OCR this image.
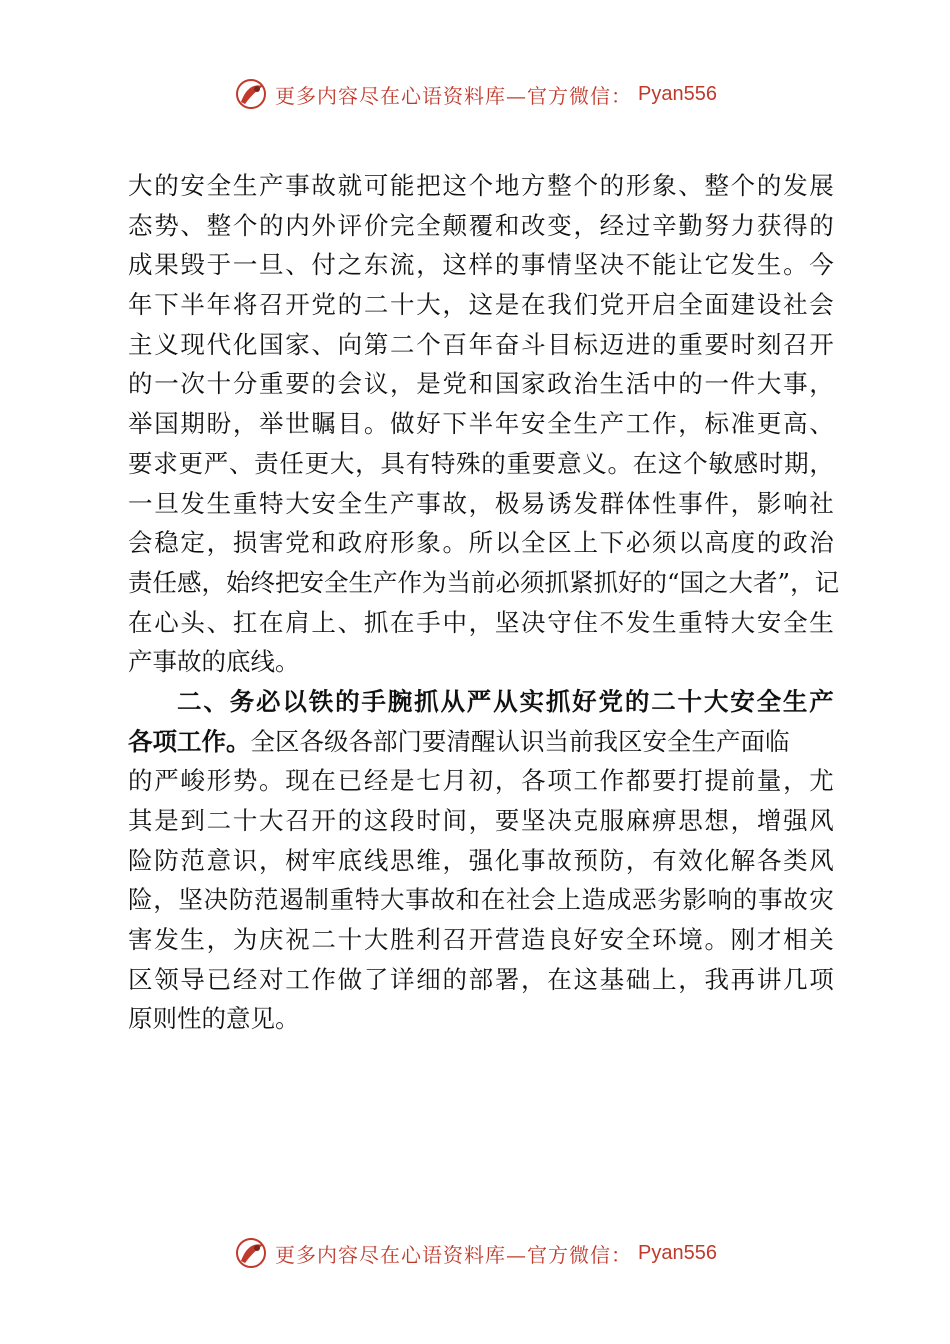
更多内容尽在心语资料库—官方微信： Pyan556
大 的 安 全 生 产 事 故 就 可 能 把 这 个 地 方 整 个 的 形 象 、 整 个 的 发 展
态 势 、 整 个 的 内 外 评 价 完 全 颠 覆 和 改 变 ， 经 过 辛 勤 努 力 获 得 的
成 果 毁 于 一 旦 、 付 之 东 流 ， 这 样 的 事 情 坚 决 不 能 让 它 发 生 。 今
年 下 半 年 将 召 开 党 的 二 十 大 ， 这 是 在 我 们 党 开 启 全 面 建 设 社 会
主 义 现 代 化 国 家 、 向 第 二 个 百 年 奋 斗 目 标 迈 进 的 重 要 时 刻 召 开
的 一 次 十 分 重 要 的 会 议 ， 是 党 和 国 家 政 治 生 活 中 的 一 件 大 事 ，
举 国 期 盼 ， 举 世 瞩 目 。 做 好 下 半 年 安 全 生 产 工 作 ， 标 准 更 高 、
要 求 更 严 、 责 任 更 大 ， 具 有 特 殊 的 重 要 意 义 。 在 这 个 敏 感 时 期 ，
一 旦 发 生 重 特 大 安 全 生 产 事 故 ， 极 易 诱 发 群 体 性 事 件 ， 影 响 社
会 稳 定 ， 损 害 党 和 政 府 形 象 。 所 以 全 区 上 下 必 须 以 高 度 的 政 治
责 任 感 ， 始 终 把 安 全 生 产 作 为 当 前 必 须 抓 紧 抓 好 的 “ 国 之 大 者 ” ， 记
在 心 头 、 扛 在 肩 上 、 抓 在 手 中 ， 坚 决 守 住 不 发 生 重 特 大 安 全 生
产事故的底线。
二 、 务 必 以 铁 的 手 腕 抓 从 严 从 实 抓 好 党 的 二 十 大 安 全 生 产
各项工作。 全区各级各部门要清醒认识当前我区安全生产面临
的 严 峻 形 势 。 现 在 已 经 是 七 月 初 ， 各 项 工 作 都 要 打 提 前 量 ， 尤
其 是 到 二 十 大 召 开 的 这 段 时 间 ， 要 坚 决 克 服 麻 痹 思 想 ， 增 强 风
险 防 范 意 识 ， 树 牢 底 线 思 维 ， 强 化 事 故 预 防 ， 有 效 化 解 各 类 风
险 ， 坚 决 防 范 遏 制 重 特 大 事 故 和 在 社 会 上 造 成 恶 劣 影 响 的 事 故 灾
害 发 生 ， 为 庆 祝 二 十 大 胜 利 召 开 营 造 良 好 安 全 环 境 。 刚 才 相 关
区 领 导 已 经 对 工 作 做 了 详 细 的 部 署 ， 在 这 基 础 上 ， 我 再 讲 几 项
原则性的意见。
更多内容尽在心语资料库—官方微信： Pyan556
